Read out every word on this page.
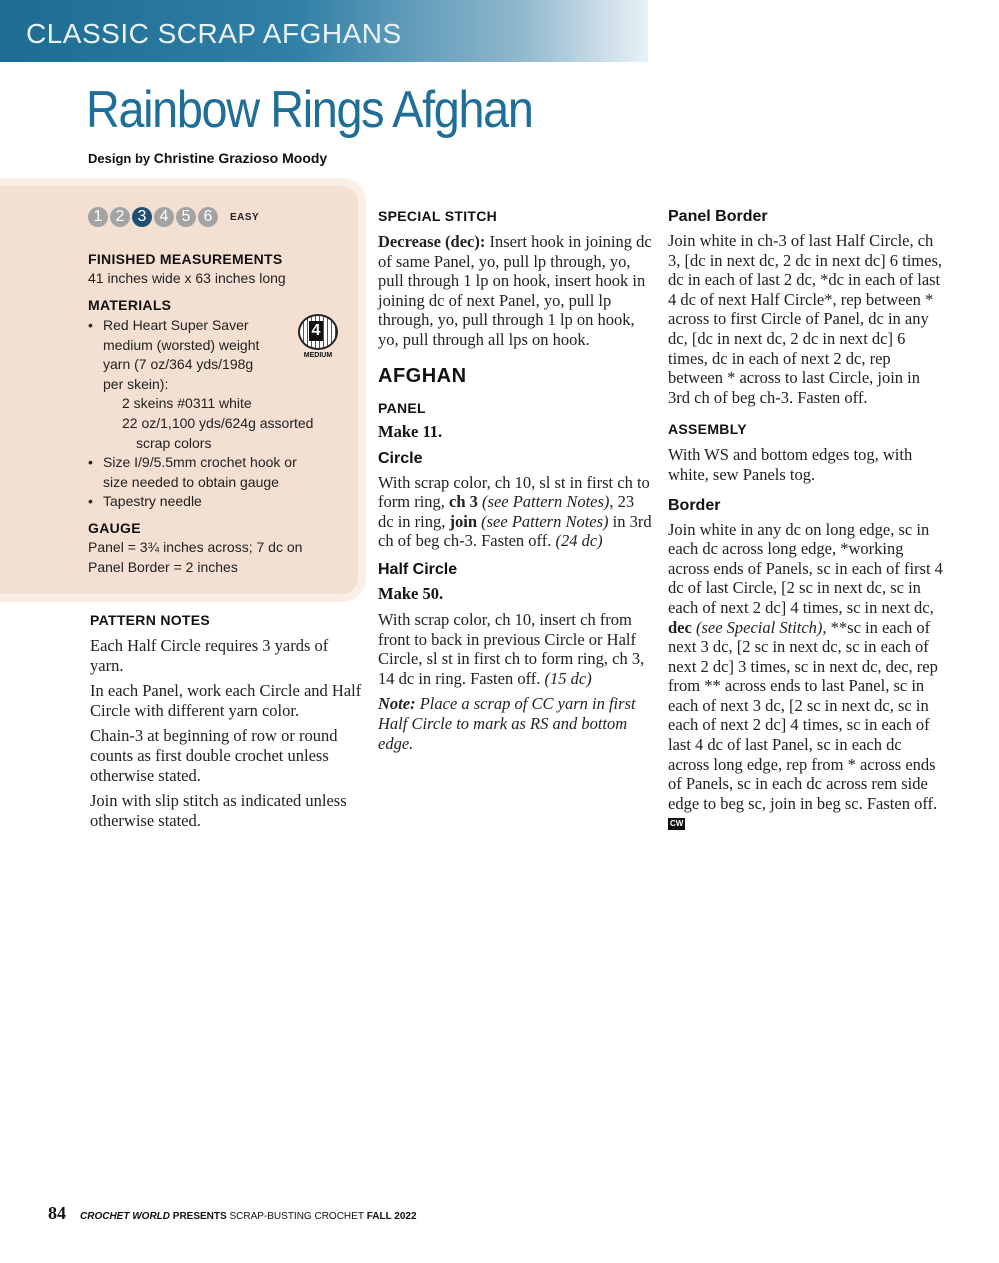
CLASSIC SCRAP AFGHANS
Rainbow Rings Afghan
Design by Christine Grazioso Moody
1 2 3 4 5 6	EASY
FINISHED MEASUREMENTS
41 inches wide x 63 inches long
MATERIALS
• Red Heart Super Saver
medium (worsted) weight
yarn (7 oz/364 yds/198g
per skein):
2 skeins #0311 white
22 oz/1,100 yds/624g assorted
scrap colors
• Size I/9/5.5mm crochet hook or
size needed to obtain gauge
• Tapestry needle
4
MEDIUM
GAUGE
Panel = 3¾ inches across; 7 dc on
Panel Border = 2 inches
PATTERN NOTES

Each Half Circle requires 3 yards of yarn.

In each Panel, work each Circle and Half Circle with different yarn color.

Chain-3 at beginning of row or round counts as first double crochet unless otherwise stated.

Join with slip stitch as indicated unless otherwise stated.

SPECIAL STITCH

Decrease (dec): Insert hook in joining dc of same Panel, yo, pull lp through, yo, pull through 1 lp on hook, insert hook in joining dc of next Panel, yo, pull lp through, yo, pull through 1 lp on hook, yo, pull through all lps on hook.

AFGHAN
PANEL

Make 11.

Circle

With scrap color, ch 10, sl st in first ch to form ring, ch 3 (see Pattern Notes), 23 dc in ring, join (see Pattern Notes) in 3rd ch of beg ch-3. Fasten off. (24 dc)

Half Circle

Make 50.

With scrap color, ch 10, insert ch from front to back in previous Circle or Half Circle, sl st in first ch to form ring, ch 3, 14 dc in ring. Fasten off. (15 dc)

Note: Place a scrap of CC yarn in first Half Circle to mark as RS and bottom edge.

Panel Border

Join white in ch-3 of last Half Circle, ch 3, [dc in next dc, 2 dc in next dc] 6 times, dc in each of last 2 dc, *dc in each of last 4 dc of next Half Circle*, rep between * across to first Circle of Panel, dc in any dc, [dc in next dc, 2 dc in next dc] 6 times, dc in each of next 2 dc, rep between * across to last Circle, join in 3rd ch of beg ch-3. Fasten off.

ASSEMBLY

With WS and bottom edges tog, with white, sew Panels tog.

Border

Join white in any dc on long edge, sc in each dc across long edge, *working across ends of Panels, sc in each of first 4 dc of last Circle, [2 sc in next dc, sc in each of next 2 dc] 4 times, sc in next dc, dec (see Special Stitch), **sc in each of next 3 dc, [2 sc in next dc, sc in each of next 2 dc] 3 times, sc in next dc, dec, rep from ** across ends to last Panel, sc in each of next 3 dc, [2 sc in next dc, sc in each of next 2 dc] 4 times, sc in each of last 4 dc of last Panel, sc in each dc across long edge, rep from * across ends of Panels, sc in each dc across rem side edge to beg sc, join in beg sc. Fasten off. CW

84 CROCHET WORLD PRESENTS SCRAP-BUSTING CROCHET FALL 2022
